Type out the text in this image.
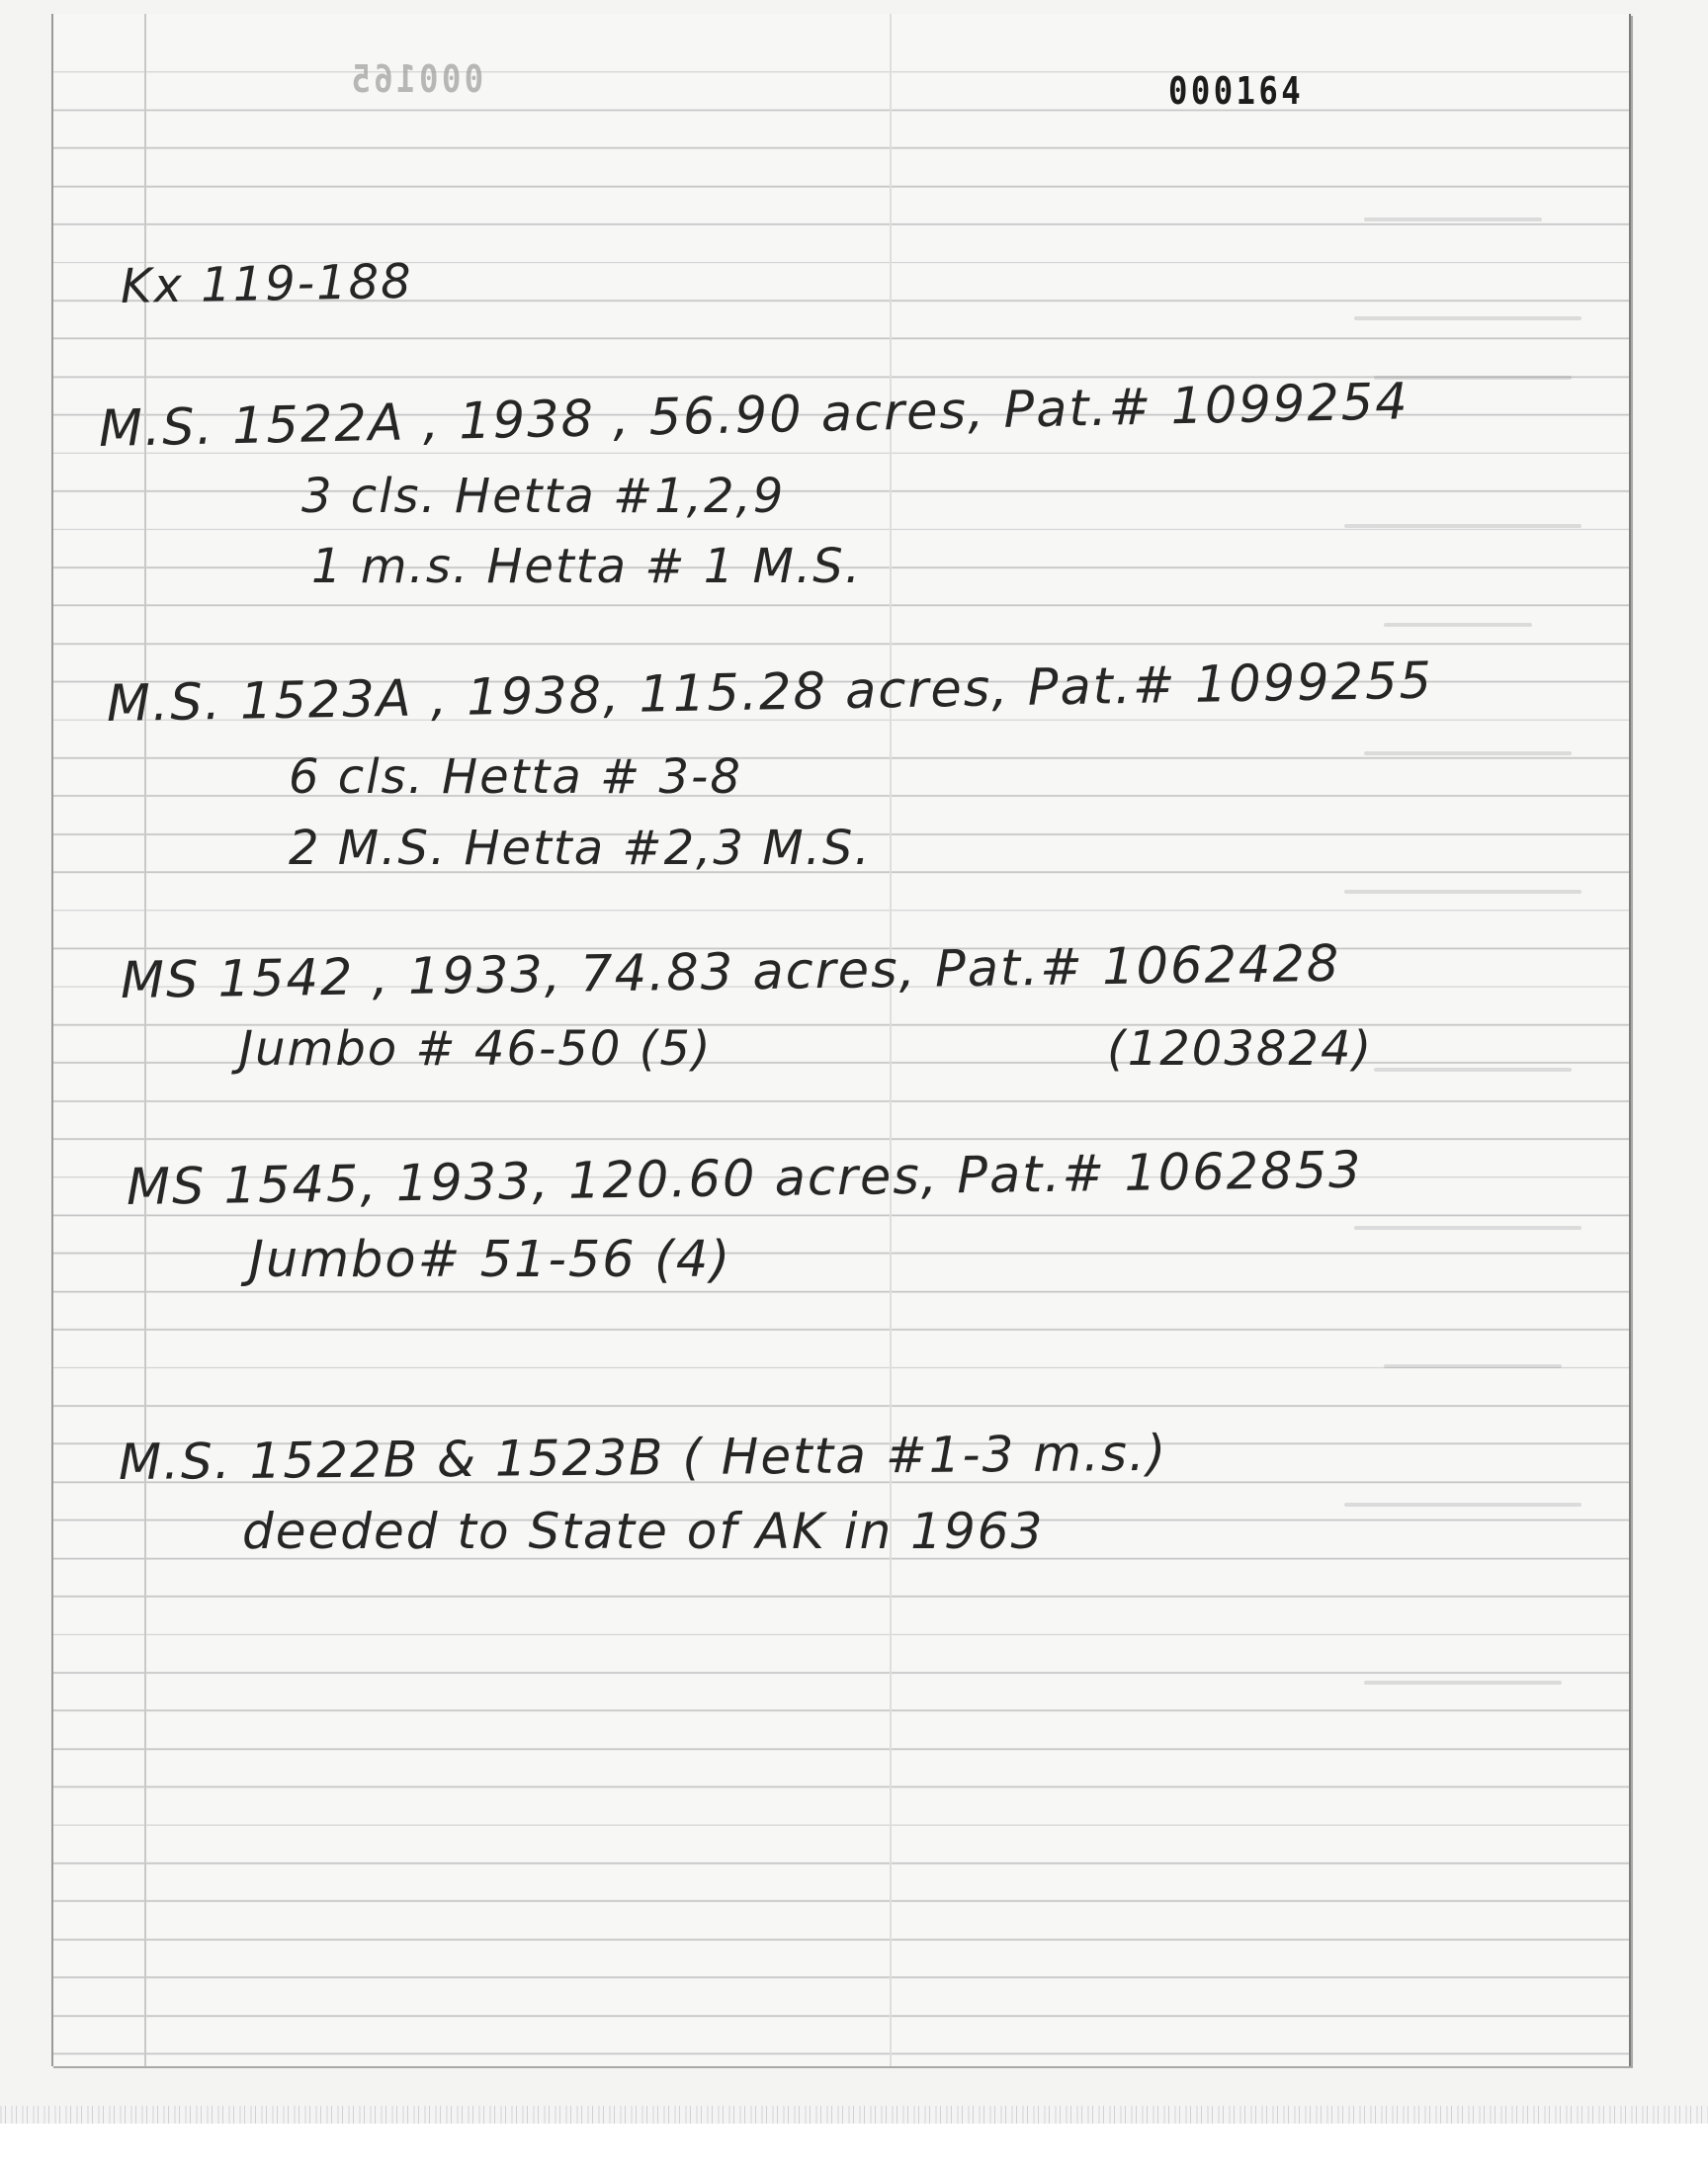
000165	000164
Kx 119-188
M.S. 1522A , 1938 , 56.90 acres, Pat.# 1099254
3 cls. Hetta #1,2,9
1 m.s. Hetta # 1 M.S.
M.S. 1523A , 1938, 115.28 acres, Pat.# 1099255
6 cls. Hetta # 3-8
2 M.S. Hetta #2,3 M.S.
MS 1542 , 1933, 74.83 acres, Pat.# 1062428
Jumbo # 46-50 (5)	(1203824)
MS 1545, 1933, 120.60 acres, Pat.# 1062853
Jumbo# 51-56 (4)
M.S. 1522B & 1523B ( Hetta #1-3 m.s.)
deeded to State of AK in 1963
